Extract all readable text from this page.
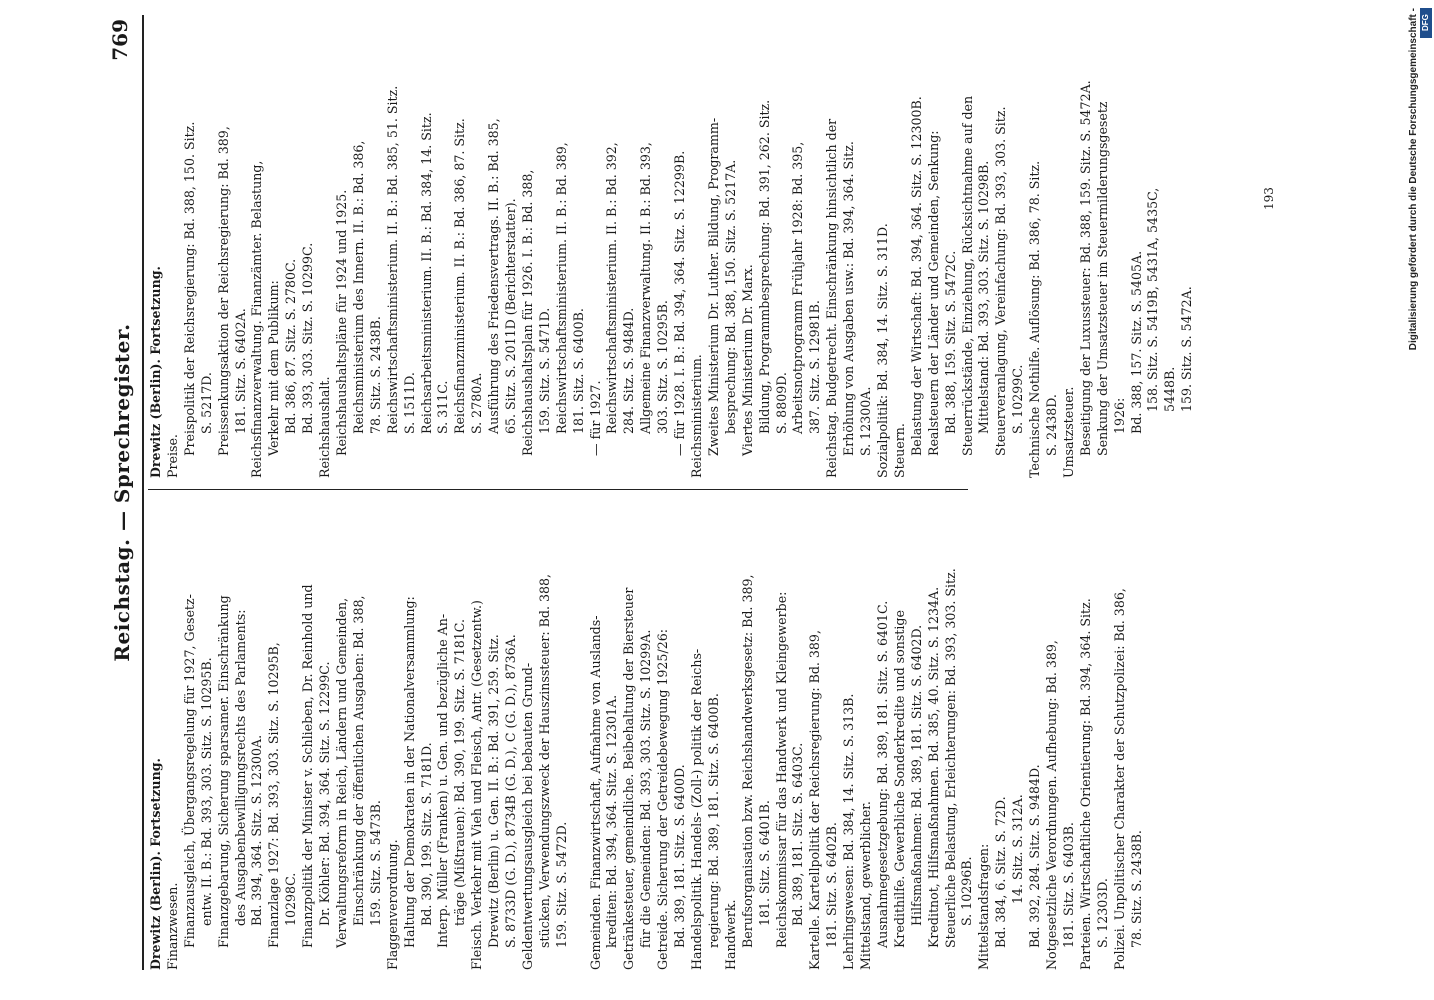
Reichstag. — Sprechregister.
769
Drewitz (Berlin). Fortsetzung. Finanzwesen. Finanzausgleich, Übergangsregelung für 1927, Gesetz- entw. II. B.: Bd. 393, 303. Sitz. S. 10295B. Finanzgebarung, Sicherung sparsamer. Einschränkung des Ausgabenbewilligungsrechts des Parlaments: Bd. 394, 364. Sitz. S. 12300A. Finanzlage 1927: Bd. 393, 303. Sitz. S. 10295B, 10298C. Finanzpolitik der Minister v. Schlieben, Dr. Reinhold und Dr. Köhler: Bd. 394, 364. Sitz. S. 12299C. Verwaltungsreform in Reich, Ländern und Gemeinden, Einschränkung der öffentlichen Ausgaben: Bd. 388, 159. Sitz. S. 5473B. Flaggenverordnung. Haltung der Demokraten in der Nationalversammlung: Bd. 390, 199. Sitz. S. 7181D. Interp. Müller (Franken) u. Gen. und bezügliche An- träge (Mißtrauen): Bd. 390, 199. Sitz. S. 7181C. Fleisch. Verkehr mit Vieh und Fleisch, Antr. (Gesetzentw.) Drewitz (Berlin) u. Gen. II. B.: Bd. 391, 259. Sitz. S. 8733D (G. D.), 8734B (G. D.), C (G. D.), 8736A. Geldentwertungsausgleich bei bebauten Grund- stücken, Verwendungszweck der Hauszinssteuer: Bd. 388, 159. Sitz. S. 5472D. Gemeinden. Finanzwirtschaft, Aufnahme von Auslands- krediten: Bd. 394, 364. Sitz. S. 12301A. Getränkesteuer, gemeindliche. Beibehaltung der Biersteuer für die Gemeinden: Bd. 393, 303. Sitz. S. 10299A. Getreide. Sicherung der Getreidebewegung 1925/26: Bd. 389, 181. Sitz. S. 6400D. Handelspolitik. Handels- (Zoll-) politik der Reichs- regierung: Bd. 389, 181. Sitz. S. 6400B. Handwerk. Berufsorganisation bzw. Reichshandwerksgesetz: Bd. 389, 181. Sitz. S. 6401B. Reichskommissar für das Handwerk und Kleingewerbe: Bd. 389, 181. Sitz. S. 6403C. Kartelle. Kartellpolitik der Reichsregierung: Bd. 389, 181. Sitz. S. 6402B. Lehrlingswesen: Bd. 384, 14. Sitz. S. 313B. Mittelstand, gewerblicher. Ausnahmegesetzgebung: Bd. 389, 181. Sitz. S. 6401C. Kredithilfe. Gewerbliche Sonderkredite und sonstige Hilfsmaßnahmen: Bd. 389, 181. Sitz. S. 6402D. Kreditnot, Hilfsmaßnahmen. Bd. 385, 40. Sitz. S. 1234A. Steuerliche Belastung, Erleichterungen: Bd. 393, 303. Sitz. S. 10296B. Mittelstandsfragen: Bd. 384, 6. Sitz. S. 72D. 14. Sitz. S. 312A. Bd. 392, 284. Sitz. S. 9484D. Notgesetzliche Verordnungen. Aufhebung: Bd. 389, 181. Sitz. S. 6403B. Parteien. Wirtschaftliche Orientierung: Bd. 394, 364. Sitz. S. 12303D. Polizei. Unpolitischer Charakter der Schutzpolizei: Bd. 386, 78. Sitz. S. 2438B.
Drewitz (Berlin). Fortsetzung. Preise.
Preispolitik der Reichsregierung: Bd. 388, 150. Sitz. S. 5217D. Preissenkungsaktion der Reichsregierung: Bd. 389, 181. Sitz. S. 6402A. Reichsfinanzverwaltung. Finanzämter. Belastung, Verkehr mit dem Publikum: Bd. 386, 87. Sitz. S. 2780C. Bd. 393, 303. Sitz. S. 10299C. Reichshaushalt. Reichshaushaltspläne für 1924 und 1925. Reichsministerium des Innern. II. B.: Bd. 386, 78. Sitz. S. 2438B. Reichswirtschaftsministerium. II. B.: Bd. 385, 51. Sitz. S. 1511D. Reichsarbeitsministerium. II. B.: Bd. 384, 14. Sitz. S. 311C. Reichsfinanzministerium. II. B.: Bd. 386, 87. Sitz. S. 2780A. Ausführung des Friedensvertrags. II. B.: Bd. 385, 65. Sitz. S. 2011D (Berichterstatter). Reichshaushaltsplan für 1926. I. B.: Bd. 388, 159. Sitz. S. 5471D. Reichswirtschaftsministerium. II. B.: Bd. 389, 181. Sitz. S. 6400B. — für 1927. Reichswirtschaftsministerium. II. B.: Bd. 392, 284. Sitz. S. 9484D. Allgemeine Finanzverwaltung. II. B.: Bd. 393, 303. Sitz. S. 10295B. — für 1928. I. B.: Bd. 394, 364. Sitz. S. 12299B. Reichsministerium. Zweites Ministerium Dr. Luther. Bildung, Programm- besprechung: Bd. 388, 150. Sitz. S. 5217A. Viertes Ministerium Dr. Marx. Bildung, Programmbesprechung: Bd. 391, 262. Sitz. S. 8809D. Arbeitsnotprogramm Frühjahr 1928: Bd. 395, 387. Sitz. S. 12981B. Reichstag. Budgetrecht. Einschränkung hinsichtlich der Erhöhung von Ausgaben usw.: Bd. 394, 364. Sitz. S. 12300A. Sozialpolitik: Bd. 384, 14. Sitz. S. 311D. Steuern. Belastung der Wirtschaft: Bd. 394, 364. Sitz. S. 12300B. Realsteuern der Länder und Gemeinden, Senkung: Bd. 388, 159. Sitz. S. 5472C. Steuerrückstände, Einziehung, Rücksichtnahme auf den Mittelstand: Bd. 393, 303. Sitz. S. 10298B. Steuerveranlagung, Vereinfachung: Bd. 393, 303. Sitz. S. 10299C. Technische Nothilfe. Auflösung: Bd. 386, 78. Sitz. S. 2438D. Umsatzsteuer. Beseitigung der Luxussteuer: Bd. 388, 159. Sitz. S. 5472A. Senkung der Umsatzsteuer im Steuermilderungsgesetz 1926: Bd. 388, 157. Sitz. S. 5405A. 158. Sitz. S. 5419B, 5431A, 5435C, 5448B. 159. Sitz. S. 5472A.
193	Digitalisierung gefördert durch die Deutsche Forschungsgemeinschaft - DFG
